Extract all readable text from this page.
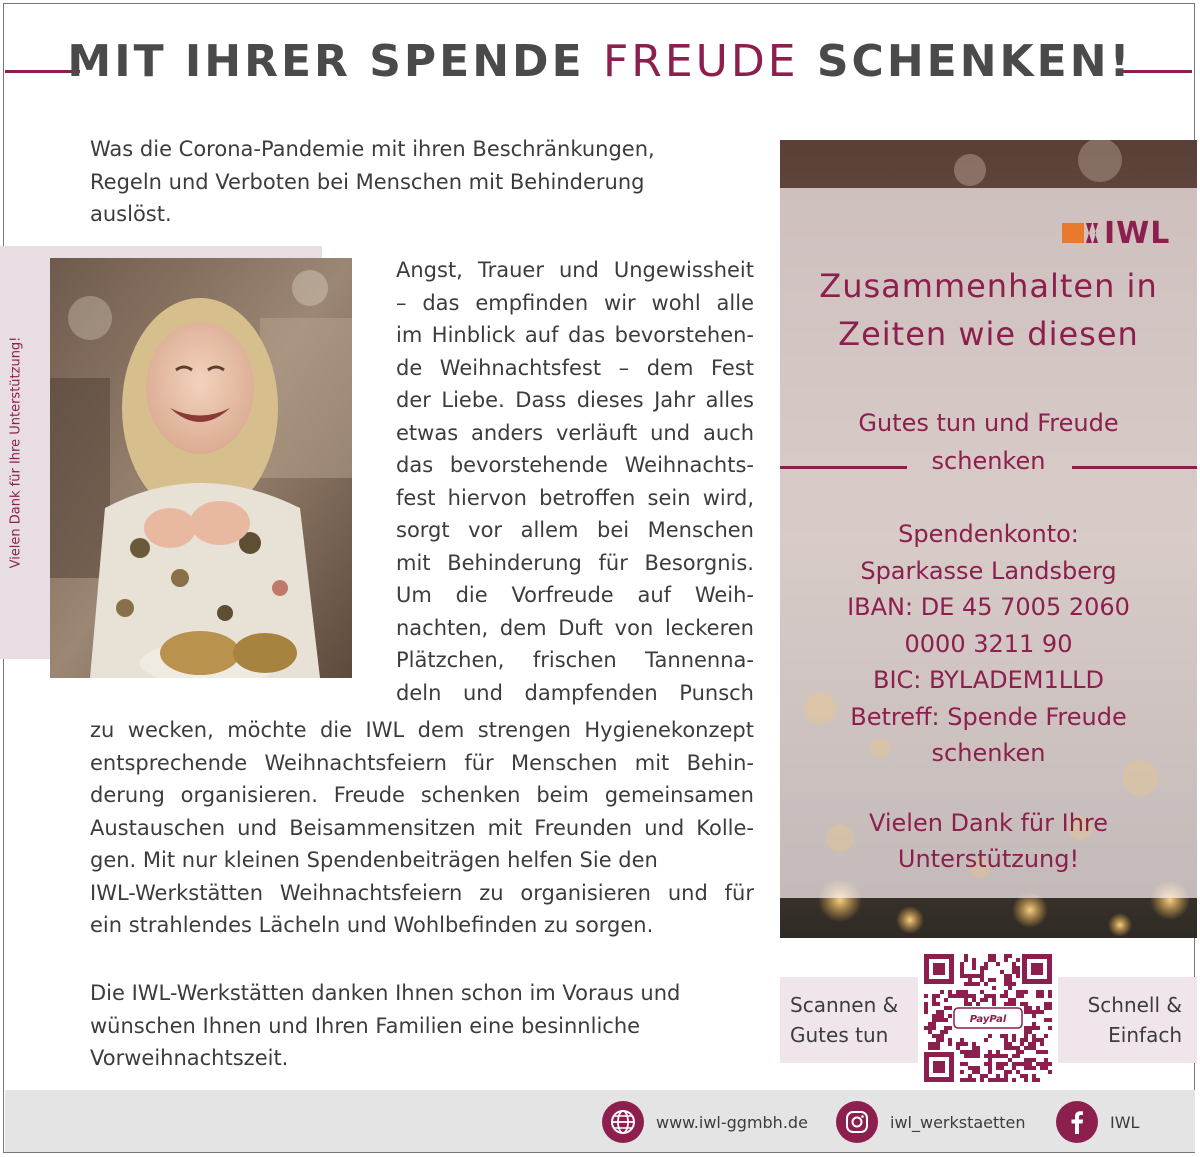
MIT IHRER SPENDE FREUDE SCHENKEN!
Was die Corona-Pandemie mit ihren Beschränkungen,
Regeln und Verboten bei Menschen mit Behinderung
auslöst.
Vielen Dank für Ihre Unterstützung!
Angst, Trauer und Ungewissheit
– das empfinden wir wohl alle
im Hinblick auf das bevorstehen-
de Weihnachtsfest – dem Fest
der Liebe. Dass dieses Jahr alles
etwas anders verläuft und auch
das bevorstehende Weihnachts-
fest hiervon betroffen sein wird,
sorgt vor allem bei Menschen
mit Behinderung für Besorgnis.
Um die Vorfreude auf Weih-
nachten, dem Duft von leckeren
Plätzchen, frischen Tannenna-
deln und dampfenden Punsch
zu wecken, möchte die IWL dem strengen Hygienekonzept
entsprechende Weihnachtsfeiern für Menschen mit Behin-
derung organisieren. Freude schenken beim gemeinsamen
Austauschen und Beisammensitzen mit Freunden und Kolle-
gen. Mit nur kleinen Spendenbeiträgen helfen Sie den
IWL-Werkstätten Weihnachtsfeiern zu organisieren und für
ein strahlendes Lächeln und Wohlbefinden zu sorgen.
Die IWL-Werkstätten danken Ihnen schon im Voraus und
wünschen Ihnen und Ihren Familien eine besinnliche
Vorweihnachtszeit.
IWL
Zusammenhalten in
Zeiten wie diesen
Gutes tun und Freude
schenken
Spendenkonto:
Sparkasse Landsberg
IBAN: DE 45 7005 2060
0000 3211 90
BIC: BYLADEM1LLD
Betreff: Spende Freude
schenken
Vielen Dank für Ihre
Unterstützung!
Scannen &
Gutes tun
Schnell &
Einfach
PayPal
www.iwl-ggmbh.de	iwl_werkstaetten	IWL
